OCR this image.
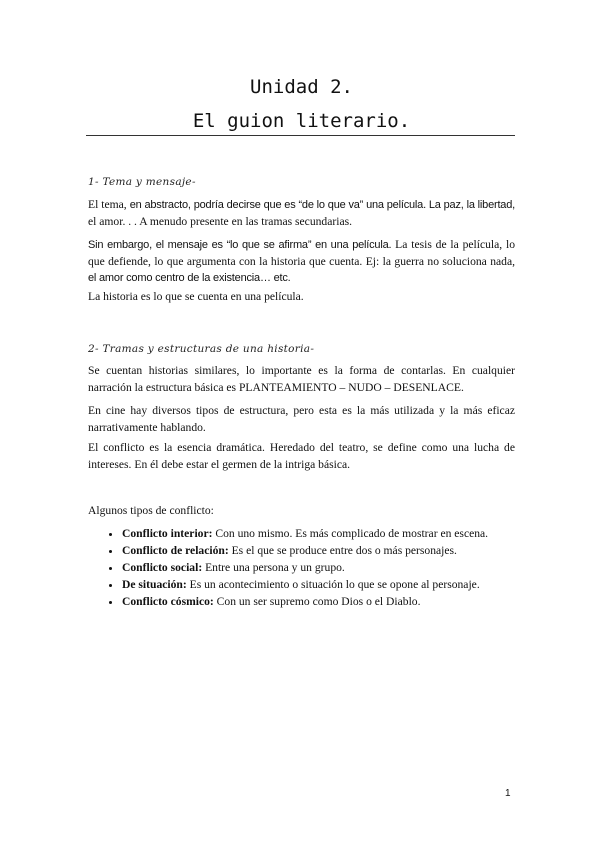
Unidad 2.
El guion literario.
1- Tema y mensaje-

El tema, en abstracto, podría decirse que es “de lo que va” una película. La paz, la libertad, el amor. . . A menudo presente en las tramas secundarias.

Sin embargo, el mensaje es “lo que se afirma” en una película. La tesis de la película, lo que defiende, lo que argumenta con la historia que cuenta. Ej: la guerra no soluciona nada, el amor como centro de la existencia… etc.

La historia es lo que se cuenta en una película.

2- Tramas y estructuras de una historia-

Se cuentan historias similares, lo importante es la forma de contarlas. En cualquier narración la estructura básica es PLANTEAMIENTO – NUDO – DESENLACE.

En cine hay diversos tipos de estructura, pero esta es la más utilizada y la más eficaz narrativamente hablando.

El conflicto es la esencia dramática. Heredado del teatro, se define como una lucha de intereses. En él debe estar el germen de la intriga básica.

Algunos tipos de conflicto:

• Conflicto interior: Con uno mismo. Es más complicado de mostrar en escena.
• Conflicto de relación: Es el que se produce entre dos o más personajes.
• Conflicto social: Entre una persona y un grupo.
• De situación: Es un acontecimiento o situación lo que se opone al personaje.
• Conflicto cósmico: Con un ser supremo como Dios o el Diablo.
1
